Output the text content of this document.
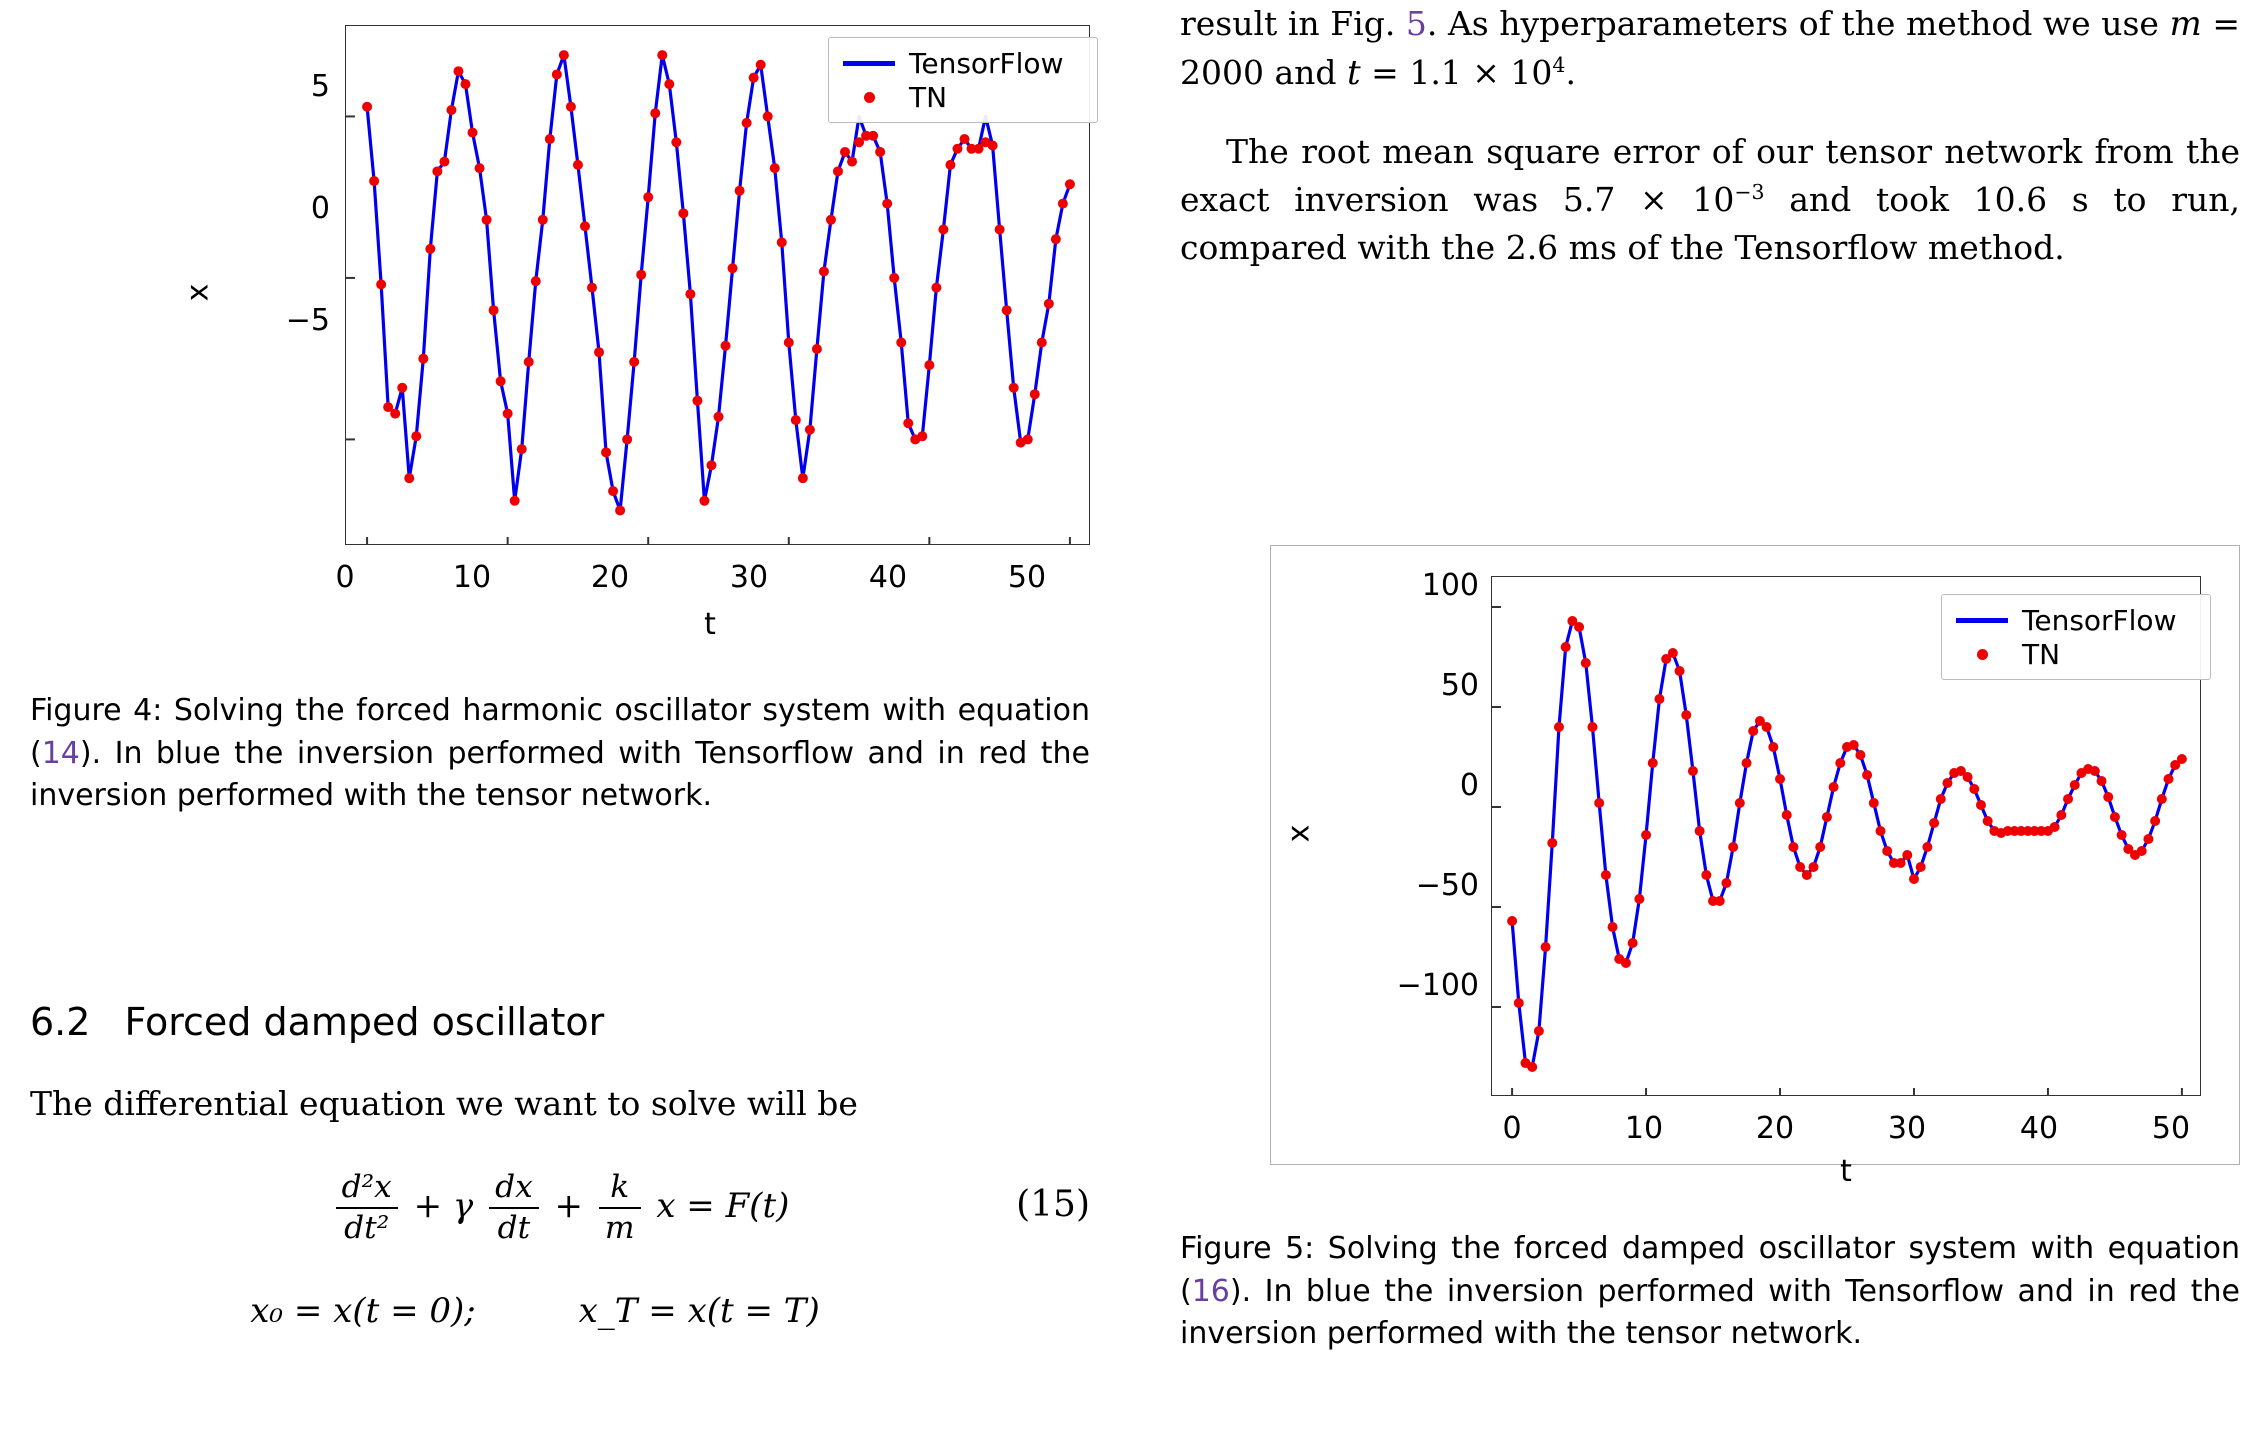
5
0
−5
0	10	20	30	40	50
t
x
TensorFlow
TN
Figure 4: Solving the forced harmonic oscillator system with equation (14). In blue the inversion performed with Tensorflow and in red the inversion performed with the tensor network.
6.2 Forced damped oscillator
The differential equation we want to solve will be
$\frac{\text{d²x}}{\text{dt²}} + \gamma \frac{dx}{dt} + \frac{k}{m}$ x = F(t)	(15)
x₀ = x(t = 0);	x_T = x(t = T)
result in Fig. 5. As hyperparameters of the method we use m = 2000 and $t = 1.1 \times 10^4$.
The root mean square error of our tensor network from the exact inversion was $5.7 \times 10^{-3}$ and took 10.6 s to run, compared with the 2.6 ms of the Tensorflow method.
100
50
0
−50
−100
0	10	20	30	40	50
t
x
TensorFlow
TN
Figure 5: Solving the forced damped oscillator system with equation (16). In blue the inversion performed with Tensorflow and in red the inversion performed with the tensor network.
